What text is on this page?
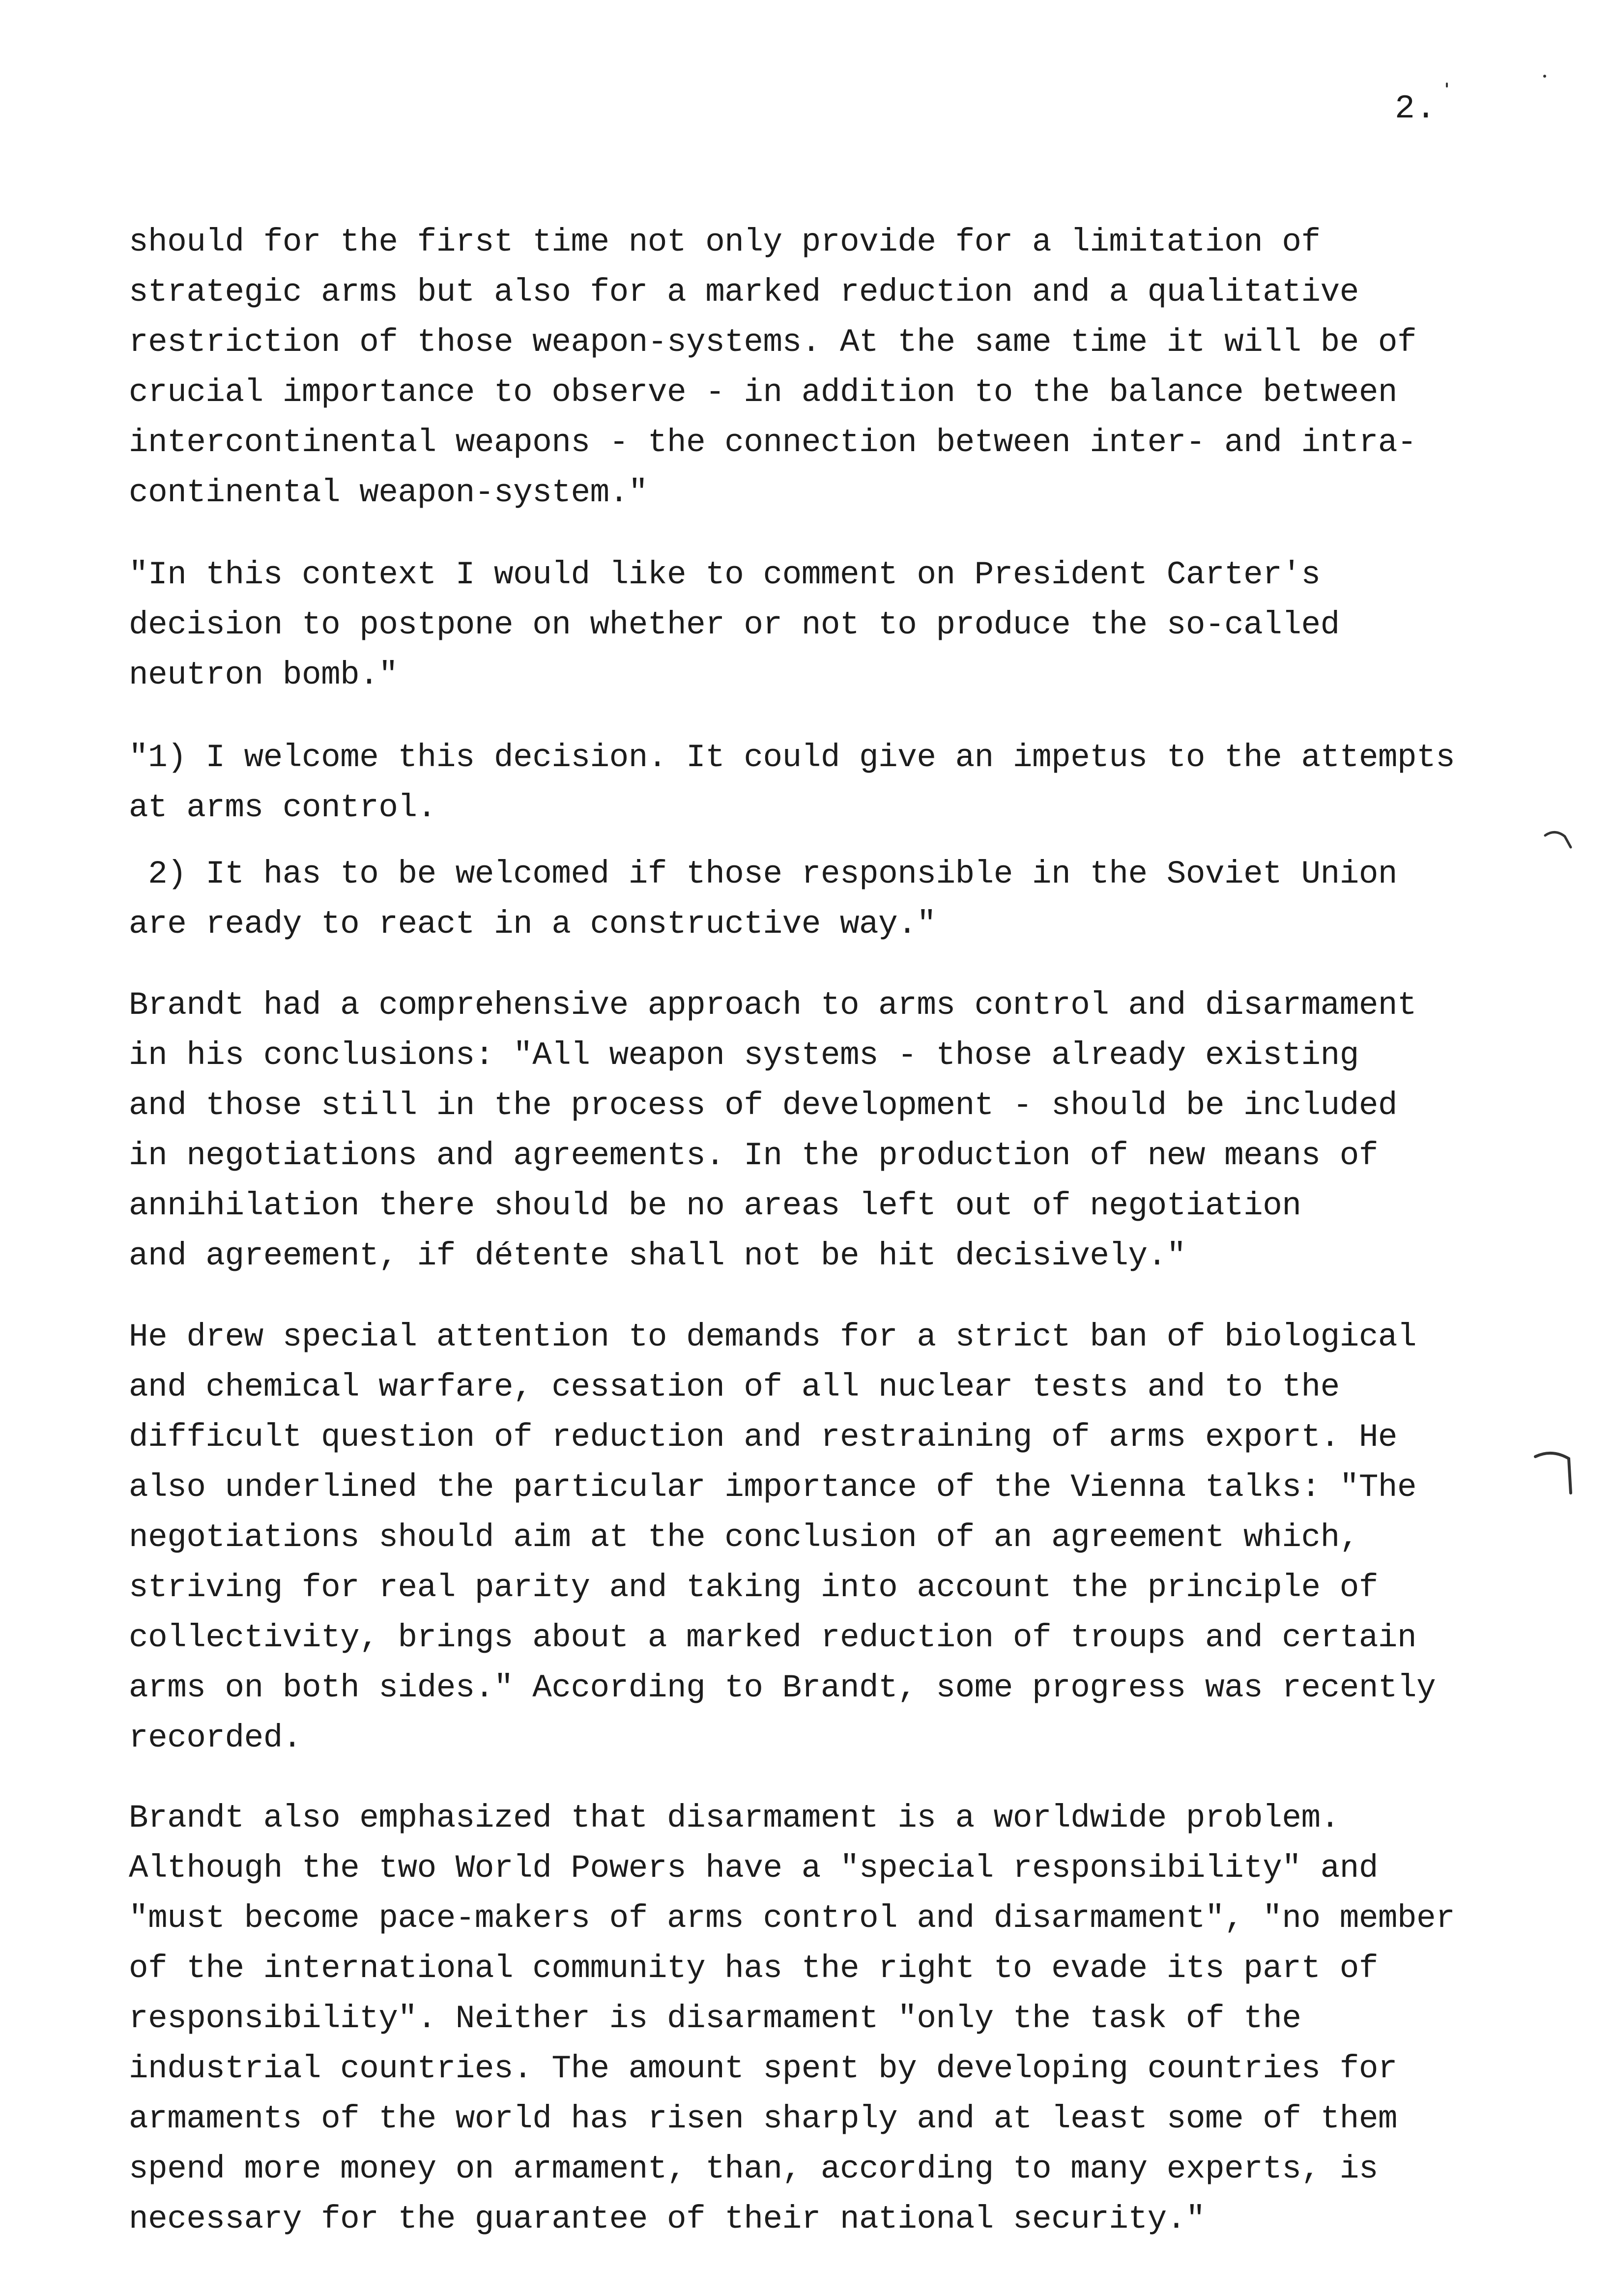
2.

should for the first time not only provide for a limitation of
strategic arms but also for a marked reduction and a qualitative
restriction of those weapon-systems. At the same time it will be of
crucial importance to observe - in addition to the balance between
intercontinental weapons - the connection between inter- and intra-
continental weapon-system."

"In this context I would like to comment on President Carter's
decision to postpone on whether or not to produce the so-called
neutron bomb."

"1) I welcome this decision. It could give an impetus to the attempts
at arms control.

2) It has to be welcomed if those responsible in the Soviet Union
are ready to react in a constructive way."

Brandt had a comprehensive approach to arms control and disarmament
in his conclusions: "All weapon systems - those already existing
and those still in the process of development - should be included
in negotiations and agreements. In the production of new means of
annihilation there should be no areas left out of negotiation
and agreement, if détente shall not be hit decisively."

He drew special attention to demands for a strict ban of biological
and chemical warfare, cessation of all nuclear tests and to the
difficult question of reduction and restraining of arms export. He
also underlined the particular importance of the Vienna talks: "The
negotiations should aim at the conclusion of an agreement which,
striving for real parity and taking into account the principle of
collectivity, brings about a marked reduction of troups and certain
arms on both sides." According to Brandt, some progress was recently
recorded.

Brandt also emphasized that disarmament is a worldwide problem.
Although the two World Powers have a "special responsibility" and
"must become pace-makers of arms control and disarmament", "no member
of the international community has the right to evade its part of
responsibility". Neither is disarmament "only the task of the
industrial countries. The amount spent by developing countries for
armaments of the world has risen sharply and at least some of them
spend more money on armament, than, according to many experts, is
necessary for the guarantee of their national security."
